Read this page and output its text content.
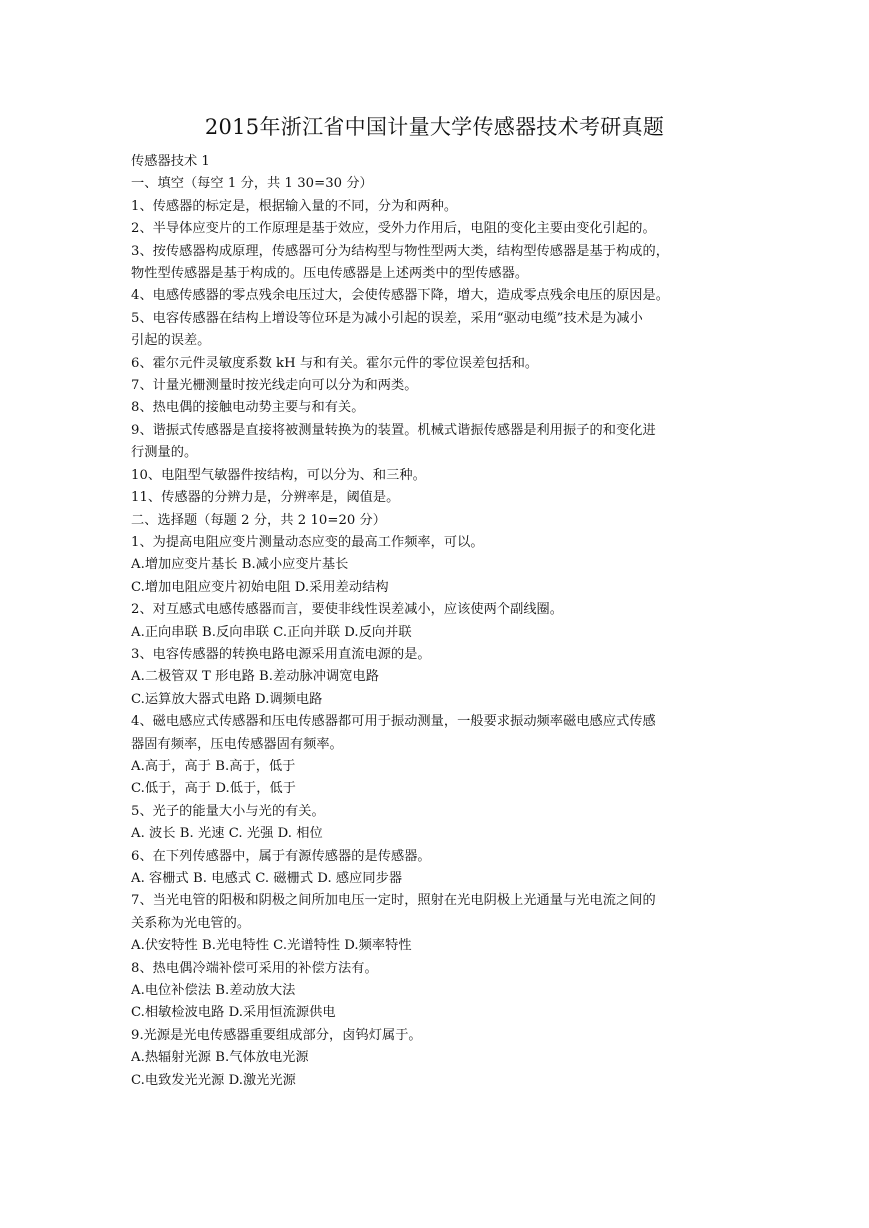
2015年浙江省中国计量大学传感器技术考研真题
传感器技术 1
一、填空（每空 1 分，共 1 30=30 分）
1、传感器的标定是，根据输入量的不同，分为和两种。
2、半导体应变片的工作原理是基于效应，受外力作用后，电阻的变化主要由变化引起的。
3、按传感器构成原理，传感器可分为结构型与物性型两大类，结构型传感器是基于构成的，
物性型传感器是基于构成的。压电传感器是上述两类中的型传感器。
4、电感传感器的零点残余电压过大，会使传感器下降，增大，造成零点残余电压的原因是。
5、电容传感器在结构上增设等位环是为减小引起的误差，采用“驱动电缆”技术是为减小
引起的误差。
6、霍尔元件灵敏度系数 kH 与和有关。霍尔元件的零位误差包括和。
7、计量光栅测量时按光线走向可以分为和两类。
8、热电偶的接触电动势主要与和有关。
9、谐振式传感器是直接将被测量转换为的装置。机械式谐振传感器是利用振子的和变化进
行测量的。
10、电阻型气敏器件按结构，可以分为、和三种。
11、传感器的分辨力是，分辨率是，阈值是。
二、选择题（每题 2 分，共 2 10=20 分）
1、为提高电阻应变片测量动态应变的最高工作频率，可以。
A.增加应变片基长 B.减小应变片基长
C.增加电阻应变片初始电阻 D.采用差动结构
2、对互感式电感传感器而言，要使非线性误差减小，应该使两个副线圈。
A.正向串联 B.反向串联 C.正向并联 D.反向并联
3、电容传感器的转换电路电源采用直流电源的是。
A.二极管双 T 形电路 B.差动脉冲调宽电路
C.运算放大器式电路 D.调频电路
4、磁电感应式传感器和压电传感器都可用于振动测量，一般要求振动频率磁电感应式传感
器固有频率，压电传感器固有频率。
A.高于，高于 B.高于，低于
C.低于，高于 D.低于，低于
5、光子的能量大小与光的有关。
A. 波长 B. 光速 C. 光强 D. 相位
6、在下列传感器中，属于有源传感器的是传感器。
A. 容栅式 B. 电感式 C. 磁栅式 D. 感应同步器
7、当光电管的阳极和阴极之间所加电压一定时，照射在光电阴极上光通量与光电流之间的
关系称为光电管的。
A.伏安特性 B.光电特性 C.光谱特性 D.频率特性
8、热电偶冷端补偿可采用的补偿方法有。
A.电位补偿法 B.差动放大法
C.相敏检波电路 D.采用恒流源供电
9.光源是光电传感器重要组成部分，卤钨灯属于。
A.热辐射光源 B.气体放电光源
C.电致发光光源 D.激光光源
